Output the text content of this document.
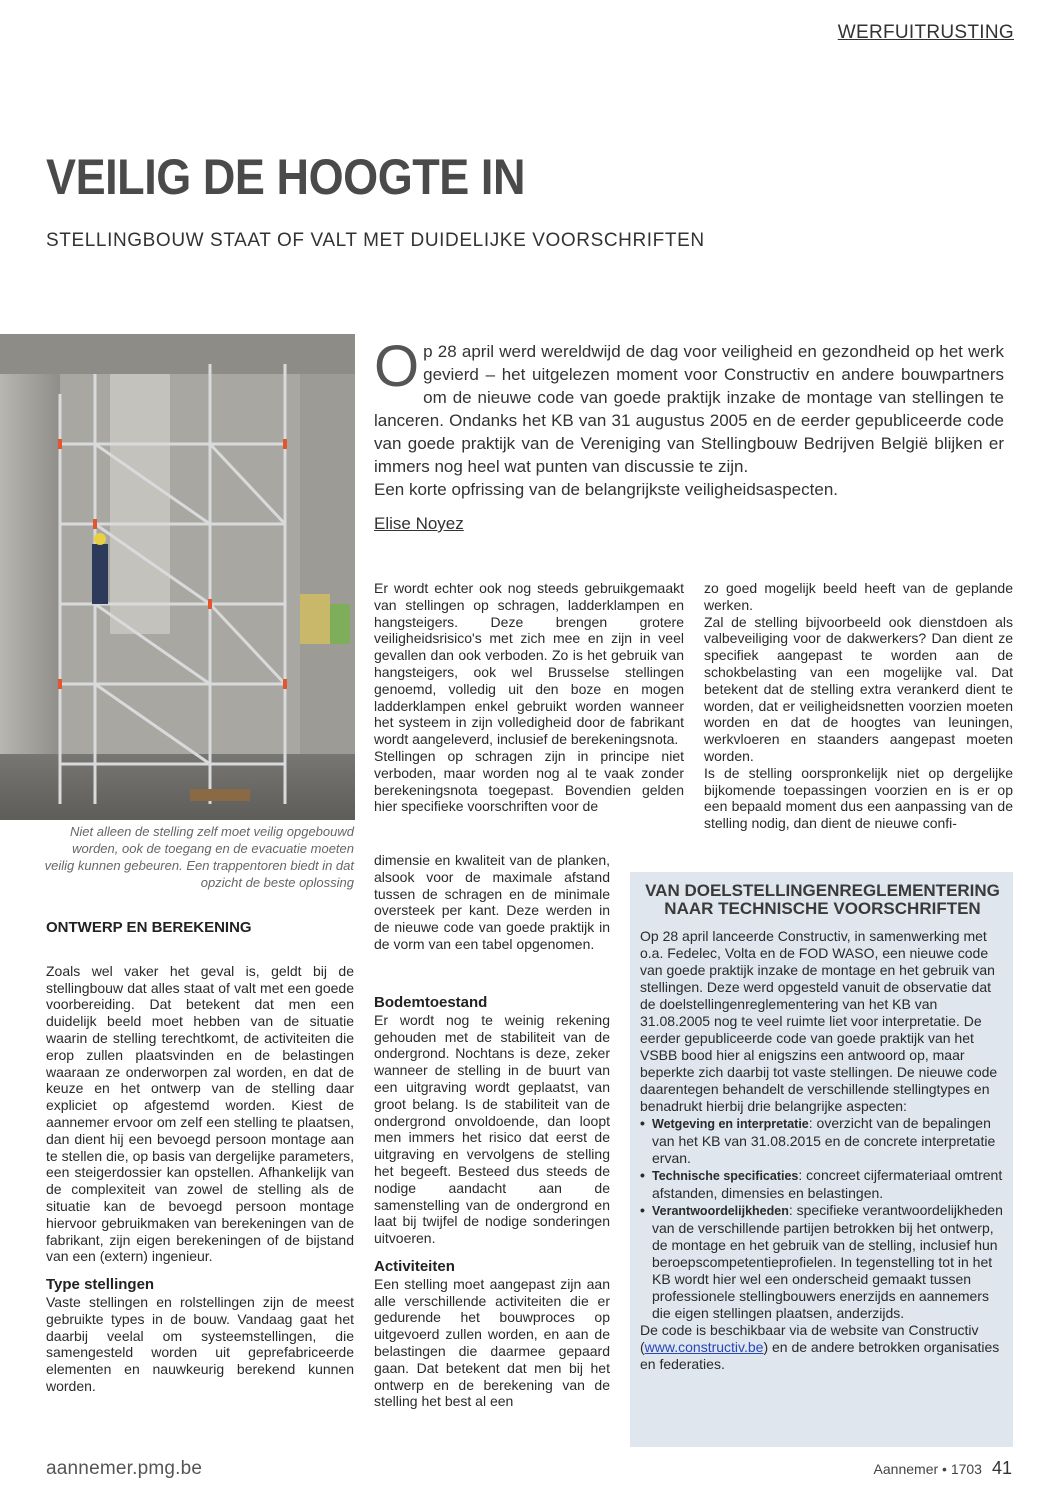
WERFUITRUSTING
VEILIG DE HOOGTE IN
STELLINGBOUW STAAT OF VALT MET DUIDELIJKE VOORSCHRIFTEN
Niet alleen de stelling zelf moet veilig opgebouwd worden, ook de toegang en de evacuatie moeten veilig kunnen gebeuren. Een trappentoren biedt in dat opzicht de beste oplossing
O p 28 april werd wereldwijd de dag voor veiligheid en gezondheid op het werk gevierd – het uitgelezen moment voor Constructiv en andere bouwpartners om de nieuwe code van goede praktijk inzake de montage van stellingen te lanceren. Ondanks het KB van 31 augustus 2005 en de eerder gepubliceerde code van goede praktijk van de Vereniging van Stellingbouw Bedrijven België blijken er immers nog heel wat punten van discussie te zijn.

Een korte opfrissing van de belangrijkste veiligheidsaspecten.

Elise Noyez
ONTWERP EN BEREKENING

Zoals wel vaker het geval is, geldt bij de stellingbouw dat alles staat of valt met een goede voorbereiding. Dat betekent dat men een duidelijk beeld moet hebben van de situatie waarin de stelling terechtkomt, de activiteiten die erop zullen plaatsvinden en de belastingen waaraan ze onderworpen zal worden, en dat de keuze en het ontwerp van de stelling daar expliciet op afgestemd worden. Kiest de aannemer ervoor om zelf een stelling te plaatsen, dan dient hij een bevoegd persoon montage aan te stellen die, op basis van dergelijke parameters, een steigerdossier kan opstellen. Afhankelijk van de complexiteit van zowel de stelling als de situatie kan de bevoegd persoon montage hiervoor gebruikmaken van berekeningen van de fabrikant, zijn eigen berekeningen of de bijstand van een (extern) ingenieur.

Type stellingen

Vaste stellingen en rolstellingen zijn de meest gebruikte types in de bouw. Vandaag gaat het daarbij veelal om systeemstellingen, die samengesteld worden uit geprefabriceerde elementen en nauwkeurig berekend kunnen worden.

Er wordt echter ook nog steeds gebruikgemaakt van stellingen op schragen, ladderklampen en hangsteigers. Deze brengen grotere veiligheidsrisico's met zich mee en zijn in veel gevallen dan ook verboden. Zo is het gebruik van hangsteigers, ook wel Brusselse stellingen genoemd, volledig uit den boze en mogen ladderklampen enkel gebruikt worden wanneer het systeem in zijn volledigheid door de fabrikant wordt aangeleverd, inclusief de berekeningsnota.

Stellingen op schragen zijn in principe niet verboden, maar worden nog al te vaak zonder berekeningsnota toegepast. Bovendien gelden hier specifieke voorschriften voor de

dimensie en kwaliteit van de planken, alsook voor de maximale afstand tussen de schragen en de minimale oversteek per kant. Deze werden in de nieuwe code van goede praktijk in de vorm van een tabel opgenomen.

Bodemtoestand

Er wordt nog te weinig rekening gehouden met de stabiliteit van de ondergrond. Nochtans is deze, zeker wanneer de stelling in de buurt van een uitgraving wordt geplaatst, van groot belang. Is de stabiliteit van de ondergrond onvoldoende, dan loopt men immers het risico dat eerst de uitgraving en vervolgens de stelling het begeeft. Besteed dus steeds de nodige aandacht aan de samenstelling van de ondergrond en laat bij twijfel de nodige sonderingen uitvoeren.

Activiteiten

Een stelling moet aangepast zijn aan alle verschillende activiteiten die er gedurende het bouwproces op uitgevoerd zullen worden, en aan de belastingen die daarmee gepaard gaan. Dat betekent dat men bij het ontwerp en de berekening van de stelling het best al een

zo goed mogelijk beeld heeft van de geplande werken.

Zal de stelling bijvoorbeeld ook dienstdoen als valbeveiliging voor de dakwerkers? Dan dient ze specifiek aangepast te worden aan de schokbelasting van een mogelijke val. Dat betekent dat de stelling extra verankerd dient te worden, dat er veiligheidsnetten voorzien moeten worden en dat de hoogtes van leuningen, werkvloeren en staanders aangepast moeten worden.

Is de stelling oorspronkelijk niet op dergelijke bijkomende toepassingen voorzien en is er op een bepaald moment dus een aanpassing van de stelling nodig, dan dient de nieuwe confi-

VAN DOELSTELLINGENREGLEMENTERING NAAR TECHNISCHE VOORSCHRIFTEN

Op 28 april lanceerde Constructiv, in samenwerking met o.a. Fedelec, Volta en de FOD WASO, een nieuwe code van goede praktijk inzake de montage en het gebruik van stellingen. Deze werd opgesteld vanuit de observatie dat de doelstellingenreglementering van het KB van 31.08.2005 nog te veel ruimte liet voor interpretatie. De eerder gepubliceerde code van goede praktijk van het VSBB bood hier al enigszins een antwoord op, maar beperkte zich daarbij tot vaste stellingen. De nieuwe code daarentegen behandelt de verschillende stellingtypes en benadrukt hierbij drie belangrijke aspecten:

• Wetgeving en interpretatie: overzicht van de bepalingen van het KB van 31.08.2015 en de concrete interpretatie ervan.
• Technische specificaties: concreet cijfermateriaal omtrent afstanden, dimensies en belastingen.
• Verantwoordelijkheden: specifieke verantwoordelijkheden van de verschillende partijen betrokken bij het ontwerp, de montage en het gebruik van de stelling, inclusief hun beroepscompetentieprofielen. In tegenstelling tot in het KB wordt hier wel een onderscheid gemaakt tussen professionele stellingbouwers enerzijds en aannemers die eigen stellingen plaatsen, anderzijds.

De code is beschikbaar via de website van Constructiv (www.constructiv.be) en de andere betrokken organisaties en federaties.

aannemer.pmg.be	Aannemer • 1703 41
